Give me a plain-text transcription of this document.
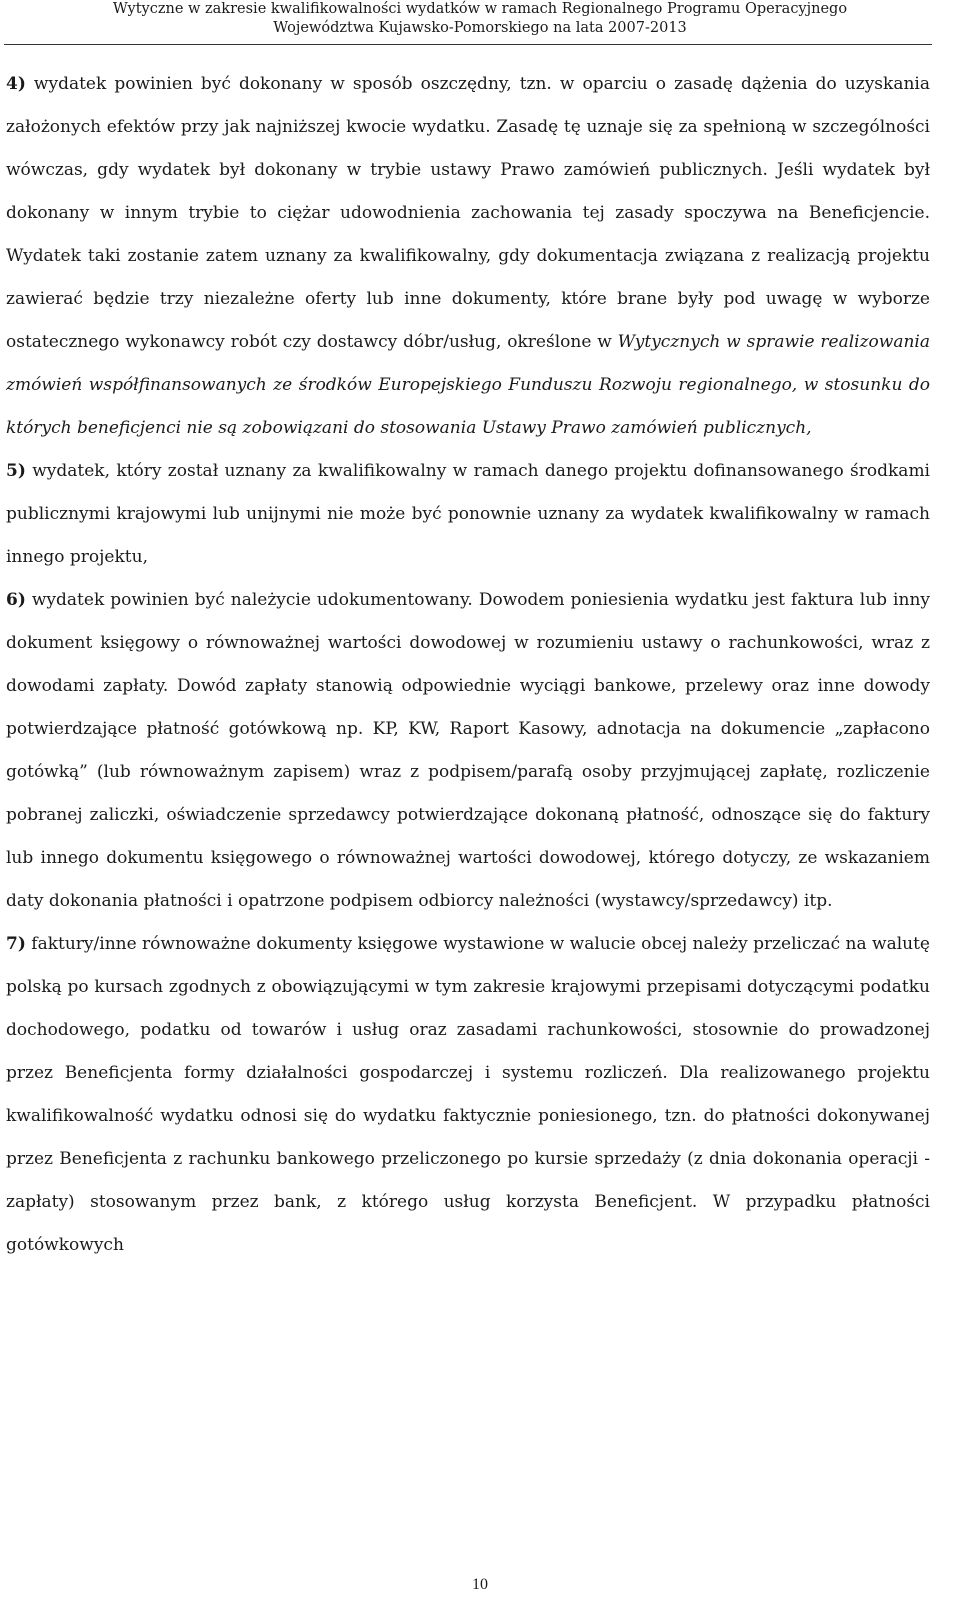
Wytyczne w zakresie kwalifikowalności wydatków w ramach Regionalnego Programu Operacyjnego
Województwa Kujawsko-Pomorskiego na lata 2007-2013

4) wydatek powinien być dokonany w sposób oszczędny, tzn. w oparciu o zasadę dążenia do uzyskania założonych efektów przy jak najniższej kwocie wydatku. Zasadę tę uznaje się za spełnioną w szczególności wówczas, gdy wydatek był dokonany w trybie ustawy Prawo zamówień publicznych. Jeśli wydatek był dokonany w innym trybie to ciężar udowodnienia zachowania tej zasady spoczywa na Beneficjencie. Wydatek taki zostanie zatem uznany za kwalifikowalny, gdy dokumentacja związana z realizacją projektu zawierać będzie trzy niezależne oferty lub inne dokumenty, które brane były pod uwagę w wyborze ostatecznego wykonawcy robót czy dostawcy dóbr/usług, określone w Wytycznych w sprawie realizowania zmówień współfinansowanych ze środków Europejskiego Funduszu Rozwoju regionalnego, w stosunku do których beneficjenci nie są zobowiązani do stosowania Ustawy Prawo zamówień publicznych,

5) wydatek, który został uznany za kwalifikowalny w ramach danego projektu dofinansowanego środkami publicznymi krajowymi lub unijnymi nie może być ponownie uznany za wydatek kwalifikowalny w ramach innego projektu,

6) wydatek powinien być należycie udokumentowany. Dowodem poniesienia wydatku jest faktura lub inny dokument księgowy o równoważnej wartości dowodowej w rozumieniu ustawy o rachunkowości, wraz z dowodami zapłaty. Dowód zapłaty stanowią odpowiednie wyciągi bankowe, przelewy oraz inne dowody potwierdzające płatność gotówkową np. KP, KW, Raport Kasowy, adnotacja na dokumencie „zapłacono gotówką” (lub równoważnym zapisem) wraz z podpisem/parafą osoby przyjmującej zapłatę, rozliczenie pobranej zaliczki, oświadczenie sprzedawcy potwierdzające dokonaną płatność, odnoszące się do faktury lub innego dokumentu księgowego o równoważnej wartości dowodowej, którego dotyczy, ze wskazaniem daty dokonania płatności i opatrzone podpisem odbiorcy należności (wystawcy/sprzedawcy) itp.

7) faktury/inne równoważne dokumenty księgowe wystawione w walucie obcej należy przeliczać na walutę polską po kursach zgodnych z obowiązującymi w tym zakresie krajowymi przepisami dotyczącymi podatku dochodowego, podatku od towarów i usług oraz zasadami rachunkowości, stosownie do prowadzonej przez Beneficjenta formy działalności gospodarczej i systemu rozliczeń. Dla realizowanego projektu kwalifikowalność wydatku odnosi się do wydatku faktycznie poniesionego, tzn. do płatności dokonywanej przez Beneficjenta z rachunku bankowego przeliczonego po kursie sprzedaży (z dnia dokonania operacji - zapłaty) stosowanym przez bank, z którego usług korzysta Beneficjent. W przypadku płatności gotówkowych

10
